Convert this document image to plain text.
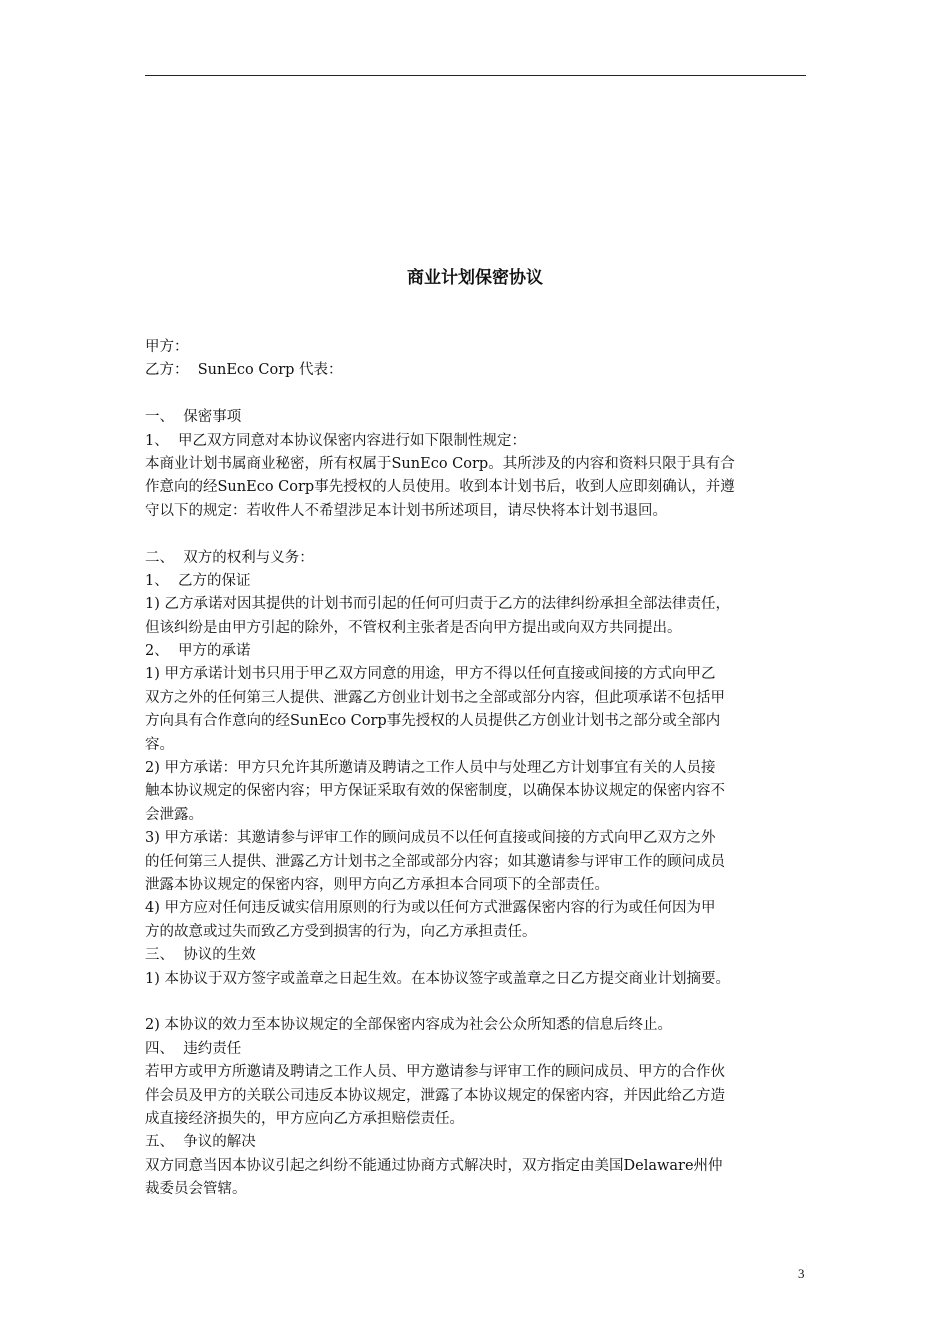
商业计划保密协议
甲方：
乙方：  SunEco Corp 代表：
一、  保密事项
1、  甲乙双方同意对本协议保密内容进行如下限制性规定：
本商业计划书属商业秘密，所有权属于SunEco Corp。其所涉及的内容和资料只限于具有合
作意向的经SunEco Corp事先授权的人员使用。收到本计划书后，收到人应即刻确认，并遵
守以下的规定：若收件人不希望涉足本计划书所述项目，请尽快将本计划书退回。
二、  双方的权利与义务：
1、  乙方的保证
1) 乙方承诺对因其提供的计划书而引起的任何可归责于乙方的法律纠纷承担全部法律责任，
但该纠纷是由甲方引起的除外，不管权利主张者是否向甲方提出或向双方共同提出。
2、  甲方的承诺
1) 甲方承诺计划书只用于甲乙双方同意的用途，甲方不得以任何直接或间接的方式向甲乙
双方之外的任何第三人提供、泄露乙方创业计划书之全部或部分内容，但此项承诺不包括甲
方向具有合作意向的经SunEco Corp事先授权的人员提供乙方创业计划书之部分或全部内
容。
2) 甲方承诺：甲方只允许其所邀请及聘请之工作人员中与处理乙方计划事宜有关的人员接
触本协议规定的保密内容；甲方保证采取有效的保密制度，以确保本协议规定的保密内容不
会泄露。
3) 甲方承诺：其邀请参与评审工作的顾问成员不以任何直接或间接的方式向甲乙双方之外
的任何第三人提供、泄露乙方计划书之全部或部分内容；如其邀请参与评审工作的顾问成员
泄露本协议规定的保密内容，则甲方向乙方承担本合同项下的全部责任。
4) 甲方应对任何违反诚实信用原则的行为或以任何方式泄露保密内容的行为或任何因为甲
方的故意或过失而致乙方受到损害的行为，向乙方承担责任。
三、  协议的生效
1) 本协议于双方签字或盖章之日起生效。在本协议签字或盖章之日乙方提交商业计划摘要。
2) 本协议的效力至本协议规定的全部保密内容成为社会公众所知悉的信息后终止。
四、  违约责任
若甲方或甲方所邀请及聘请之工作人员、甲方邀请参与评审工作的顾问成员、甲方的合作伙
伴会员及甲方的关联公司违反本协议规定，泄露了本协议规定的保密内容，并因此给乙方造
成直接经济损失的，甲方应向乙方承担赔偿责任。
五、  争议的解决
双方同意当因本协议引起之纠纷不能通过协商方式解决时，双方指定由美国Delaware州仲
裁委员会管辖。
3
